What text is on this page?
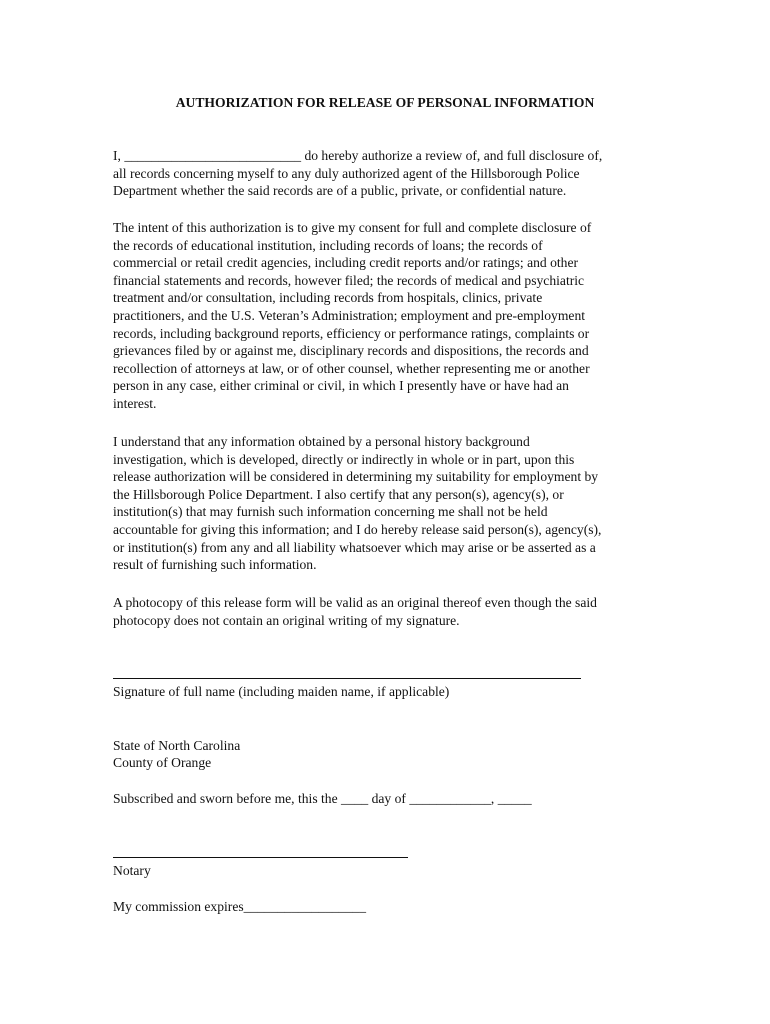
AUTHORIZATION FOR RELEASE OF PERSONAL INFORMATION

I, __________________________ do hereby authorize a review of, and full disclosure of,
all records concerning myself to any duly authorized agent of the Hillsborough Police
Department whether the said records are of a public, private, or confidential nature.

The intent of this authorization is to give my consent for full and complete disclosure of
the records of educational institution, including records of loans; the records of
commercial or retail credit agencies, including credit reports and/or ratings; and other
financial statements and records, however filed; the records of medical and psychiatric
treatment and/or consultation, including records from hospitals, clinics, private
practitioners, and the U.S. Veteran’s Administration; employment and pre-employment
records, including background reports, efficiency or performance ratings, complaints or
grievances filed by or against me, disciplinary records and dispositions, the records and
recollection of attorneys at law, or of other counsel, whether representing me or another
person in any case, either criminal or civil, in which I presently have or have had an
interest.

I understand that any information obtained by a personal history background
investigation, which is developed, directly or indirectly in whole or in part, upon this
release authorization will be considered in determining my suitability for employment by
the Hillsborough Police Department. I also certify that any person(s), agency(s), or
institution(s) that may furnish such information concerning me shall not be held
accountable for giving this information; and I do hereby release said person(s), agency(s),
or institution(s) from any and all liability whatsoever which may arise or be asserted as a
result of furnishing such information.

A photocopy of this release form will be valid as an original thereof even though the said
photocopy does not contain an original writing of my signature.

Signature of full name (including maiden name, if applicable)
State of North Carolina
County of Orange
Subscribed and sworn before me, this the ____ day of ____________, _____
Notary
My commission expires__________________
